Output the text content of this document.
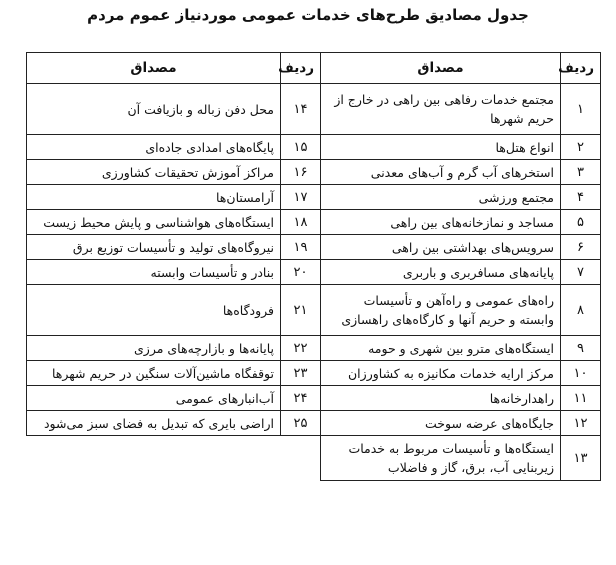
جدول مصادیق طرح‌های خدمات عمومی موردنیاز عموم مردم
ردیف	مصداق	ردیف	مصداق
۱	مجتمع خدمات رفاهی بین راهی در خارج از حریم شهرها	۱۴	محل دفن زباله و بازیافت آن
۲	انواع هتل‌ها	۱۵	پایگاه‌های امدادی جاده‌ای
۳	استخرهای آب گرم و آب‌های معدنی	۱۶	مراکز آموزش تحقیقات کشاورزی
۴	مجتمع ورزشی	۱۷	آرامستان‌ها
۵	مساجد و نمازخانه‌های بین راهی	۱۸	ایستگاه‌های هواشناسی و پایش محیط زیست
۶	سرویس‌های بهداشتی بین راهی	۱۹	نیروگاه‌های تولید و تأسیسات توزیع برق
۷	پایانه‌های مسافربری و باربری	۲۰	بنادر و تأسیسات وابسته
۸	راه‌های عمومی و راه‌آهن و تأسیسات وابسته و حریم آنها و کارگاه‌های راهسازی	۲۱	فرودگاه‌ها
۹	ایستگاه‌های مترو بین شهری و حومه	۲۲	پایانه‌ها و بازارچه‌های مرزی
۱۰	مرکز ارایه خدمات مکانیزه به کشاورزان	۲۳	توقفگاه ماشین‌آلات سنگین در حریم شهرها
۱۱	راهدارخانه‌ها	۲۴	آب‌انبارهای عمومی
۱۲	جایگاه‌های عرضه سوخت	۲۵	اراضی بایری که تبدیل به فضای سبز می‌شود
۱۳	ایستگاه‌ها و تأسیسات مربوط به خدمات زیربنایی آب، برق، گاز و فاضلاب		
